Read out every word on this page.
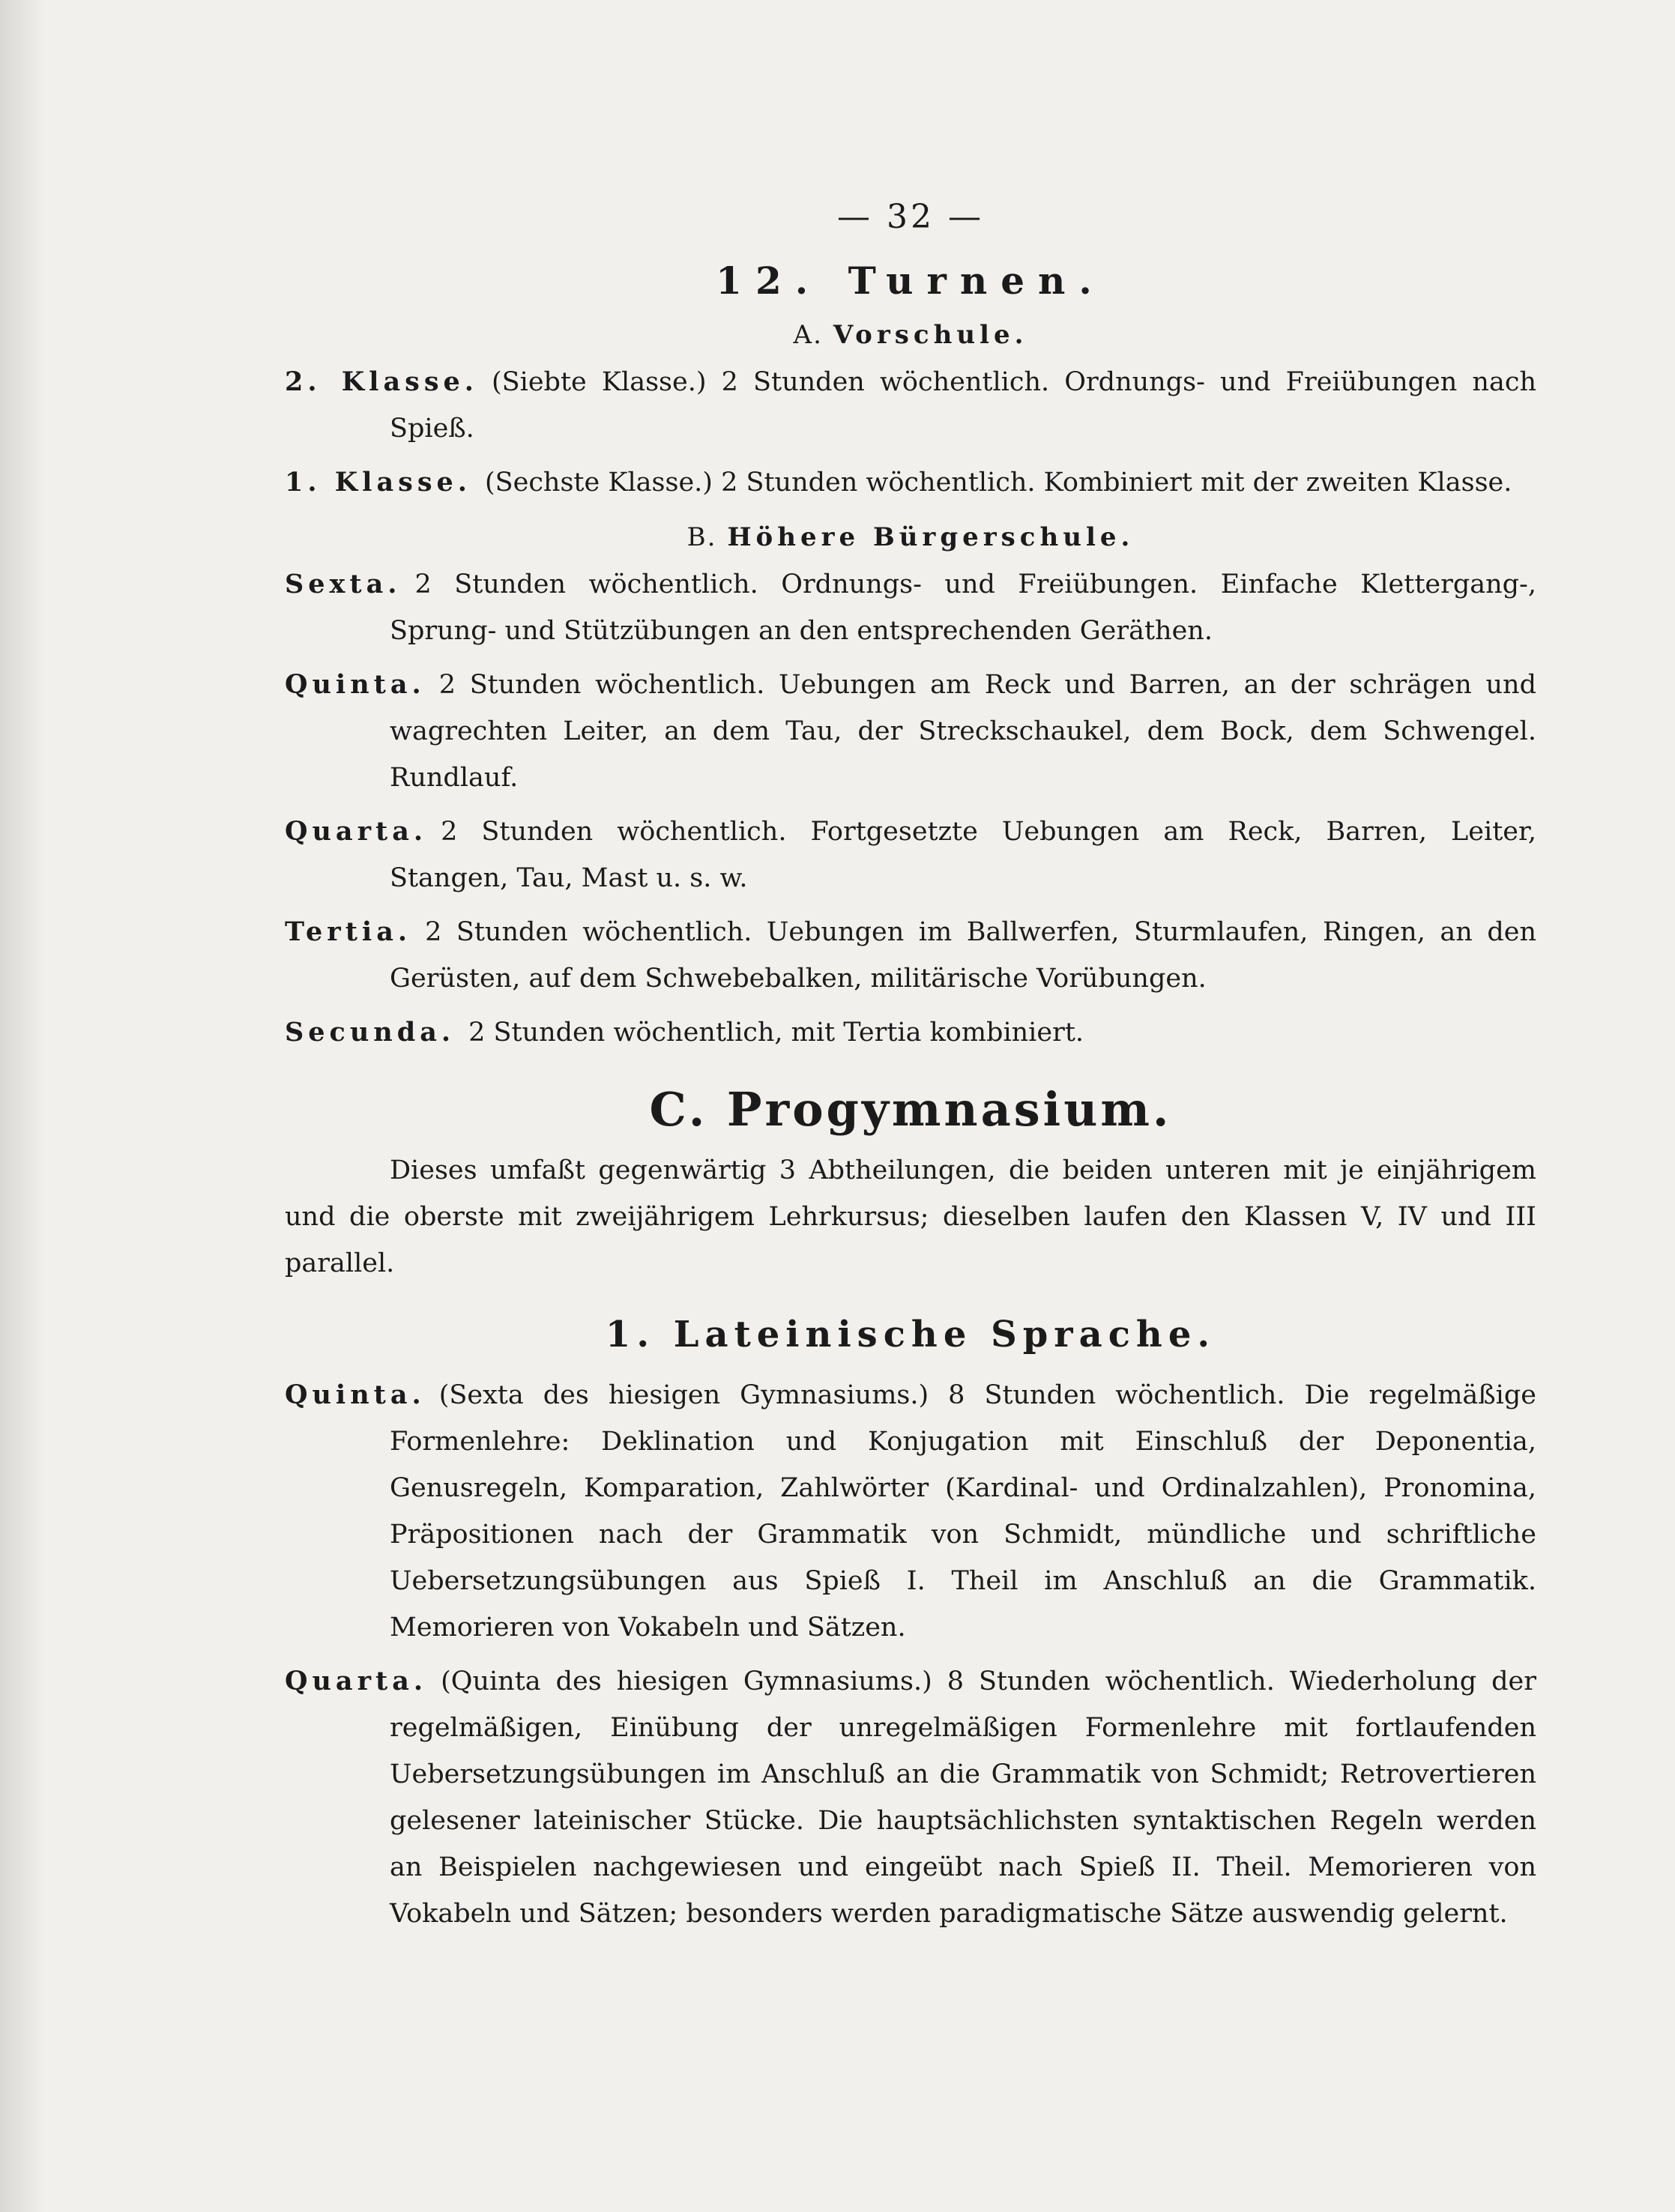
— 32 —
12. Turnen.
A. Vorschule.
2. Klasse. (Siebte Klasse.) 2 Stunden wöchentlich. Ordnungs- und Freiübungen nach Spieß.
1. Klasse. (Sechste Klasse.) 2 Stunden wöchentlich. Kombiniert mit der zweiten Klasse.
B. Höhere Bürgerschule.
Sexta. 2 Stunden wöchentlich. Ordnungs- und Freiübungen. Einfache Klettergang-, Sprung- und Stützübungen an den entsprechenden Geräthen.
Quinta. 2 Stunden wöchentlich. Uebungen am Reck und Barren, an der schrägen und wagrechten Leiter, an dem Tau, der Streckschaukel, dem Bock, dem Schwengel. Rundlauf.
Quarta. 2 Stunden wöchentlich. Fortgesetzte Uebungen am Reck, Barren, Leiter, Stangen, Tau, Mast u. s. w.
Tertia. 2 Stunden wöchentlich. Uebungen im Ballwerfen, Sturmlaufen, Ringen, an den Gerüsten, auf dem Schwebebalken, militärische Vorübungen.
Secunda. 2 Stunden wöchentlich, mit Tertia kombiniert.
C. Progymnasium.
Dieses umfaßt gegenwärtig 3 Abtheilungen, die beiden unteren mit je einjährigem und die oberste mit zweijährigem Lehrkursus; dieselben laufen den Klassen V, IV und III parallel.
1. Lateinische Sprache.
Quinta. (Sexta des hiesigen Gymnasiums.) 8 Stunden wöchentlich. Die regelmäßige Formenlehre: Deklination und Konjugation mit Einschluß der Deponentia, Genusregeln, Komparation, Zahlwörter (Kardinal- und Ordinalzahlen), Pronomina, Präpositionen nach der Grammatik von Schmidt, mündliche und schriftliche Uebersetzungsübungen aus Spieß I. Theil im Anschluß an die Grammatik. Memorieren von Vokabeln und Sätzen.
Quarta. (Quinta des hiesigen Gymnasiums.) 8 Stunden wöchentlich. Wiederholung der regelmäßigen, Einübung der unregelmäßigen Formenlehre mit fortlaufenden Uebersetzungsübungen im Anschluß an die Grammatik von Schmidt; Retrovertieren gelesener lateinischer Stücke. Die hauptsächlichsten syntaktischen Regeln werden an Beispielen nachgewiesen und eingeübt nach Spieß II. Theil. Memorieren von Vokabeln und Sätzen; besonders werden paradigmatische Sätze auswendig gelernt.
